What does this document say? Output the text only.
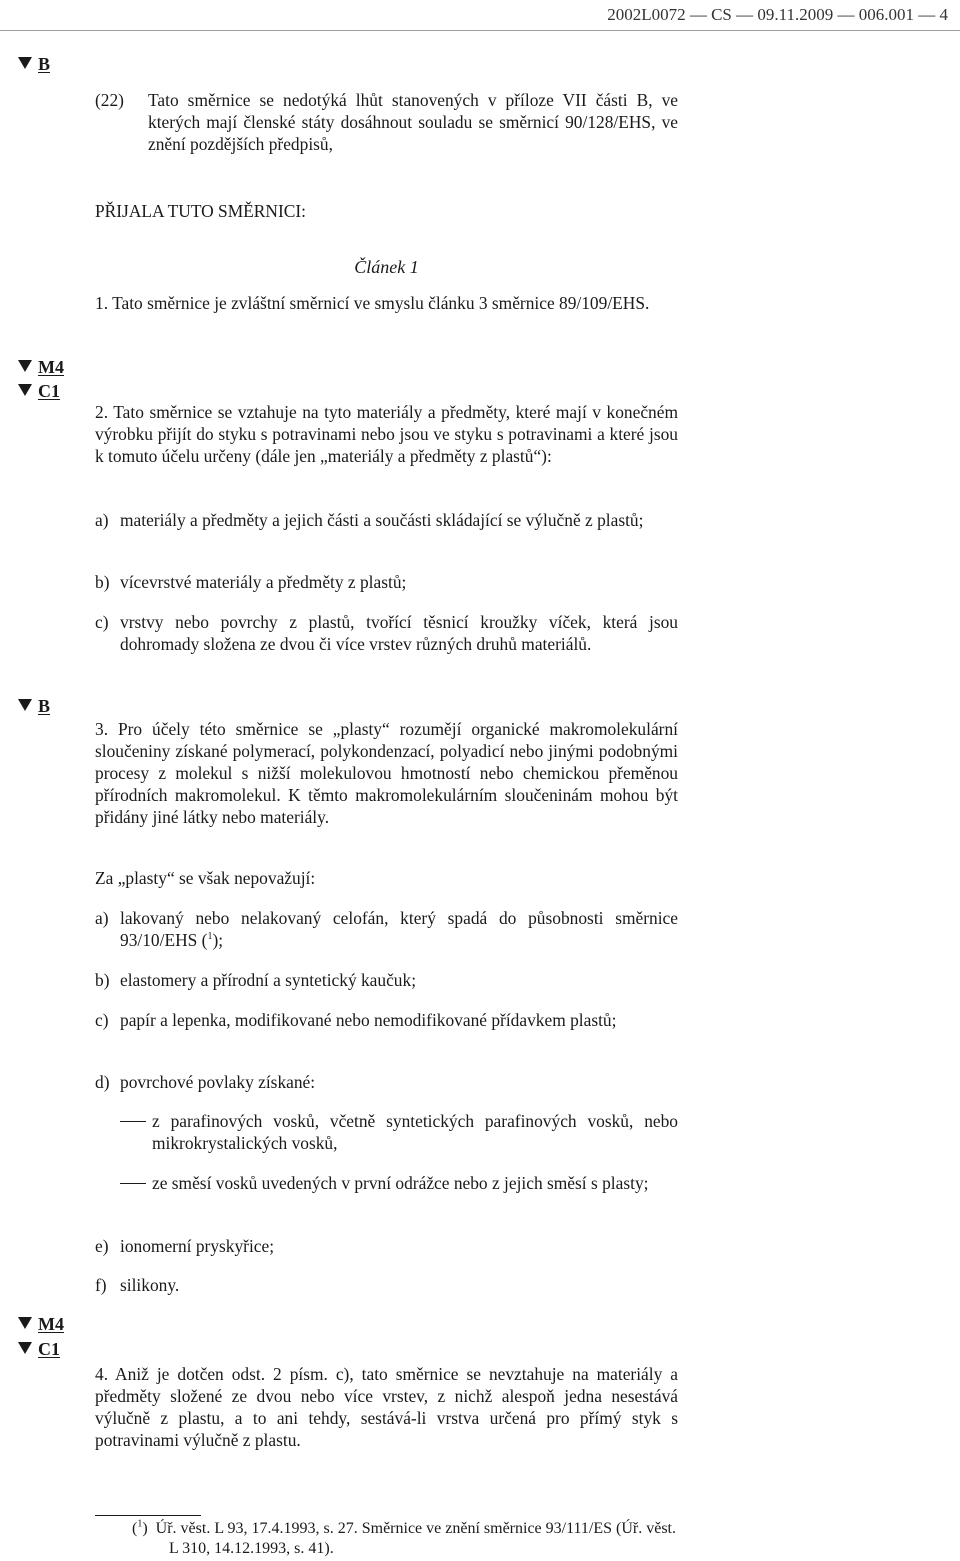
2002L0072 — CS — 09.11.2009 — 006.001 — 4
B
M4
C1
B
M4
C1
(22) Tato směrnice se nedotýká lhůt stanovených v příloze VII části B, ve kterých mají členské státy dosáhnout souladu se směrnicí 90/128/EHS, ve znění pozdějších předpisů,
PŘIJALA TUTO SMĚRNICI:
Článek 1
1. Tato směrnice je zvláštní směrnicí ve smyslu článku 3 směrnice 89/109/EHS.
2. Tato směrnice se vztahuje na tyto materiály a předměty, které mají v konečném výrobku přijít do styku s potravinami nebo jsou ve styku s potravinami a které jsou k tomuto účelu určeny (dále jen „materiály a předměty z plastů“):
a) materiály a předměty a jejich části a součásti skládající se výlučně z plastů;
b) vícevrstvé materiály a předměty z plastů;
c) vrstvy nebo povrchy z plastů, tvořící těsnicí kroužky víček, která jsou dohromady složena ze dvou či více vrstev různých druhů materiálů.
3. Pro účely této směrnice se „plasty“ rozumějí organické makromolekulární sloučeniny získané polymerací, polykondenzací, polyadicí nebo jinými podobnými procesy z molekul s nižší molekulovou hmotností nebo chemickou přeměnou přírodních makromolekul. K těmto makromolekulárním sloučeninám mohou být přidány jiné látky nebo materiály.
Za „plasty“ se však nepovažují:
a) lakovaný nebo nelakovaný celofán, který spadá do působnosti směrnice 93/10/EHS ($^1$);
b) elastomery a přírodní a syntetický kaučuk;
c) papír a lepenka, modifikované nebo nemodifikované přídavkem plastů;
d) povrchové povlaky získané:
z parafinových vosků, včetně syntetických parafinových vosků, nebo mikrokrystalických vosků,
ze směsí vosků uvedených v první odrážce nebo z jejich směsí s plasty;
e) ionomerní pryskyřice;
f) silikony.
4. Aniž je dotčen odst. 2 písm. c), tato směrnice se nevztahuje na materiály a předměty složené ze dvou nebo více vrstev, z nichž alespoň jedna nesestává výlučně z plastu, a to ani tehdy, sestává-li vrstva určená pro přímý styk s potravinami výlučně z plastu.
($^1$) Úř. věst. L 93, 17.4.1993, s. 27. Směrnice ve znění směrnice 93/111/ES (Úř. věst. L 310, 14.12.1993, s. 41).
